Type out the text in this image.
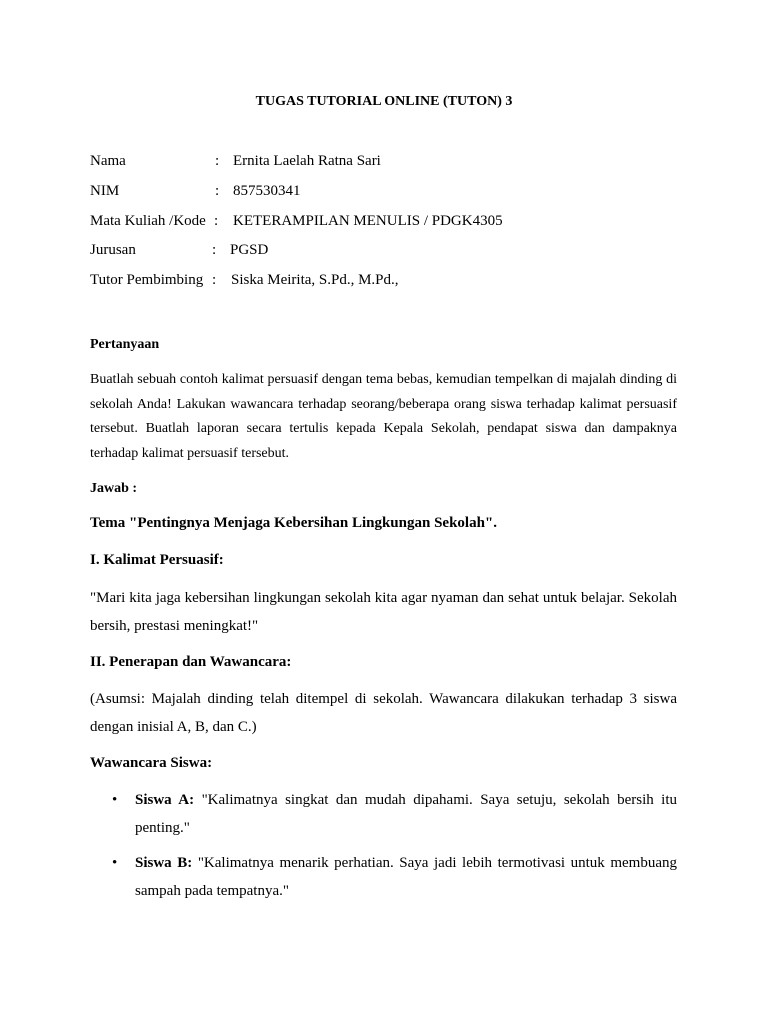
TUGAS TUTORIAL ONLINE (TUTON) 3
Nama	: Ernita Laelah Ratna Sari
NIM	: 857530341
Mata Kuliah /Kode : KETERAMPILAN MENULIS / PDGK4305
Jurusan	: PGSD
Tutor Pembimbing : Siska Meirita, S.Pd., M.Pd.,
Pertanyaan
Buatlah sebuah contoh kalimat persuasif dengan tema bebas, kemudian tempelkan di majalah dinding di sekolah Anda! Lakukan wawancara terhadap seorang/beberapa orang siswa terhadap kalimat persuasif tersebut. Buatlah laporan secara tertulis kepada Kepala Sekolah, pendapat siswa dan dampaknya terhadap kalimat persuasif tersebut.
Jawab :
Tema "Pentingnya Menjaga Kebersihan Lingkungan Sekolah".
I. Kalimat Persuasif:
"Mari kita jaga kebersihan lingkungan sekolah kita agar nyaman dan sehat untuk belajar. Sekolah bersih, prestasi meningkat!"
II. Penerapan dan Wawancara:
(Asumsi: Majalah dinding telah ditempel di sekolah. Wawancara dilakukan terhadap 3 siswa dengan inisial A, B, dan C.)
Wawancara Siswa:
• Siswa A: "Kalimatnya singkat dan mudah dipahami. Saya setuju, sekolah bersih itu penting."
• Siswa B: "Kalimatnya menarik perhatian. Saya jadi lebih termotivasi untuk membuang sampah pada tempatnya."
